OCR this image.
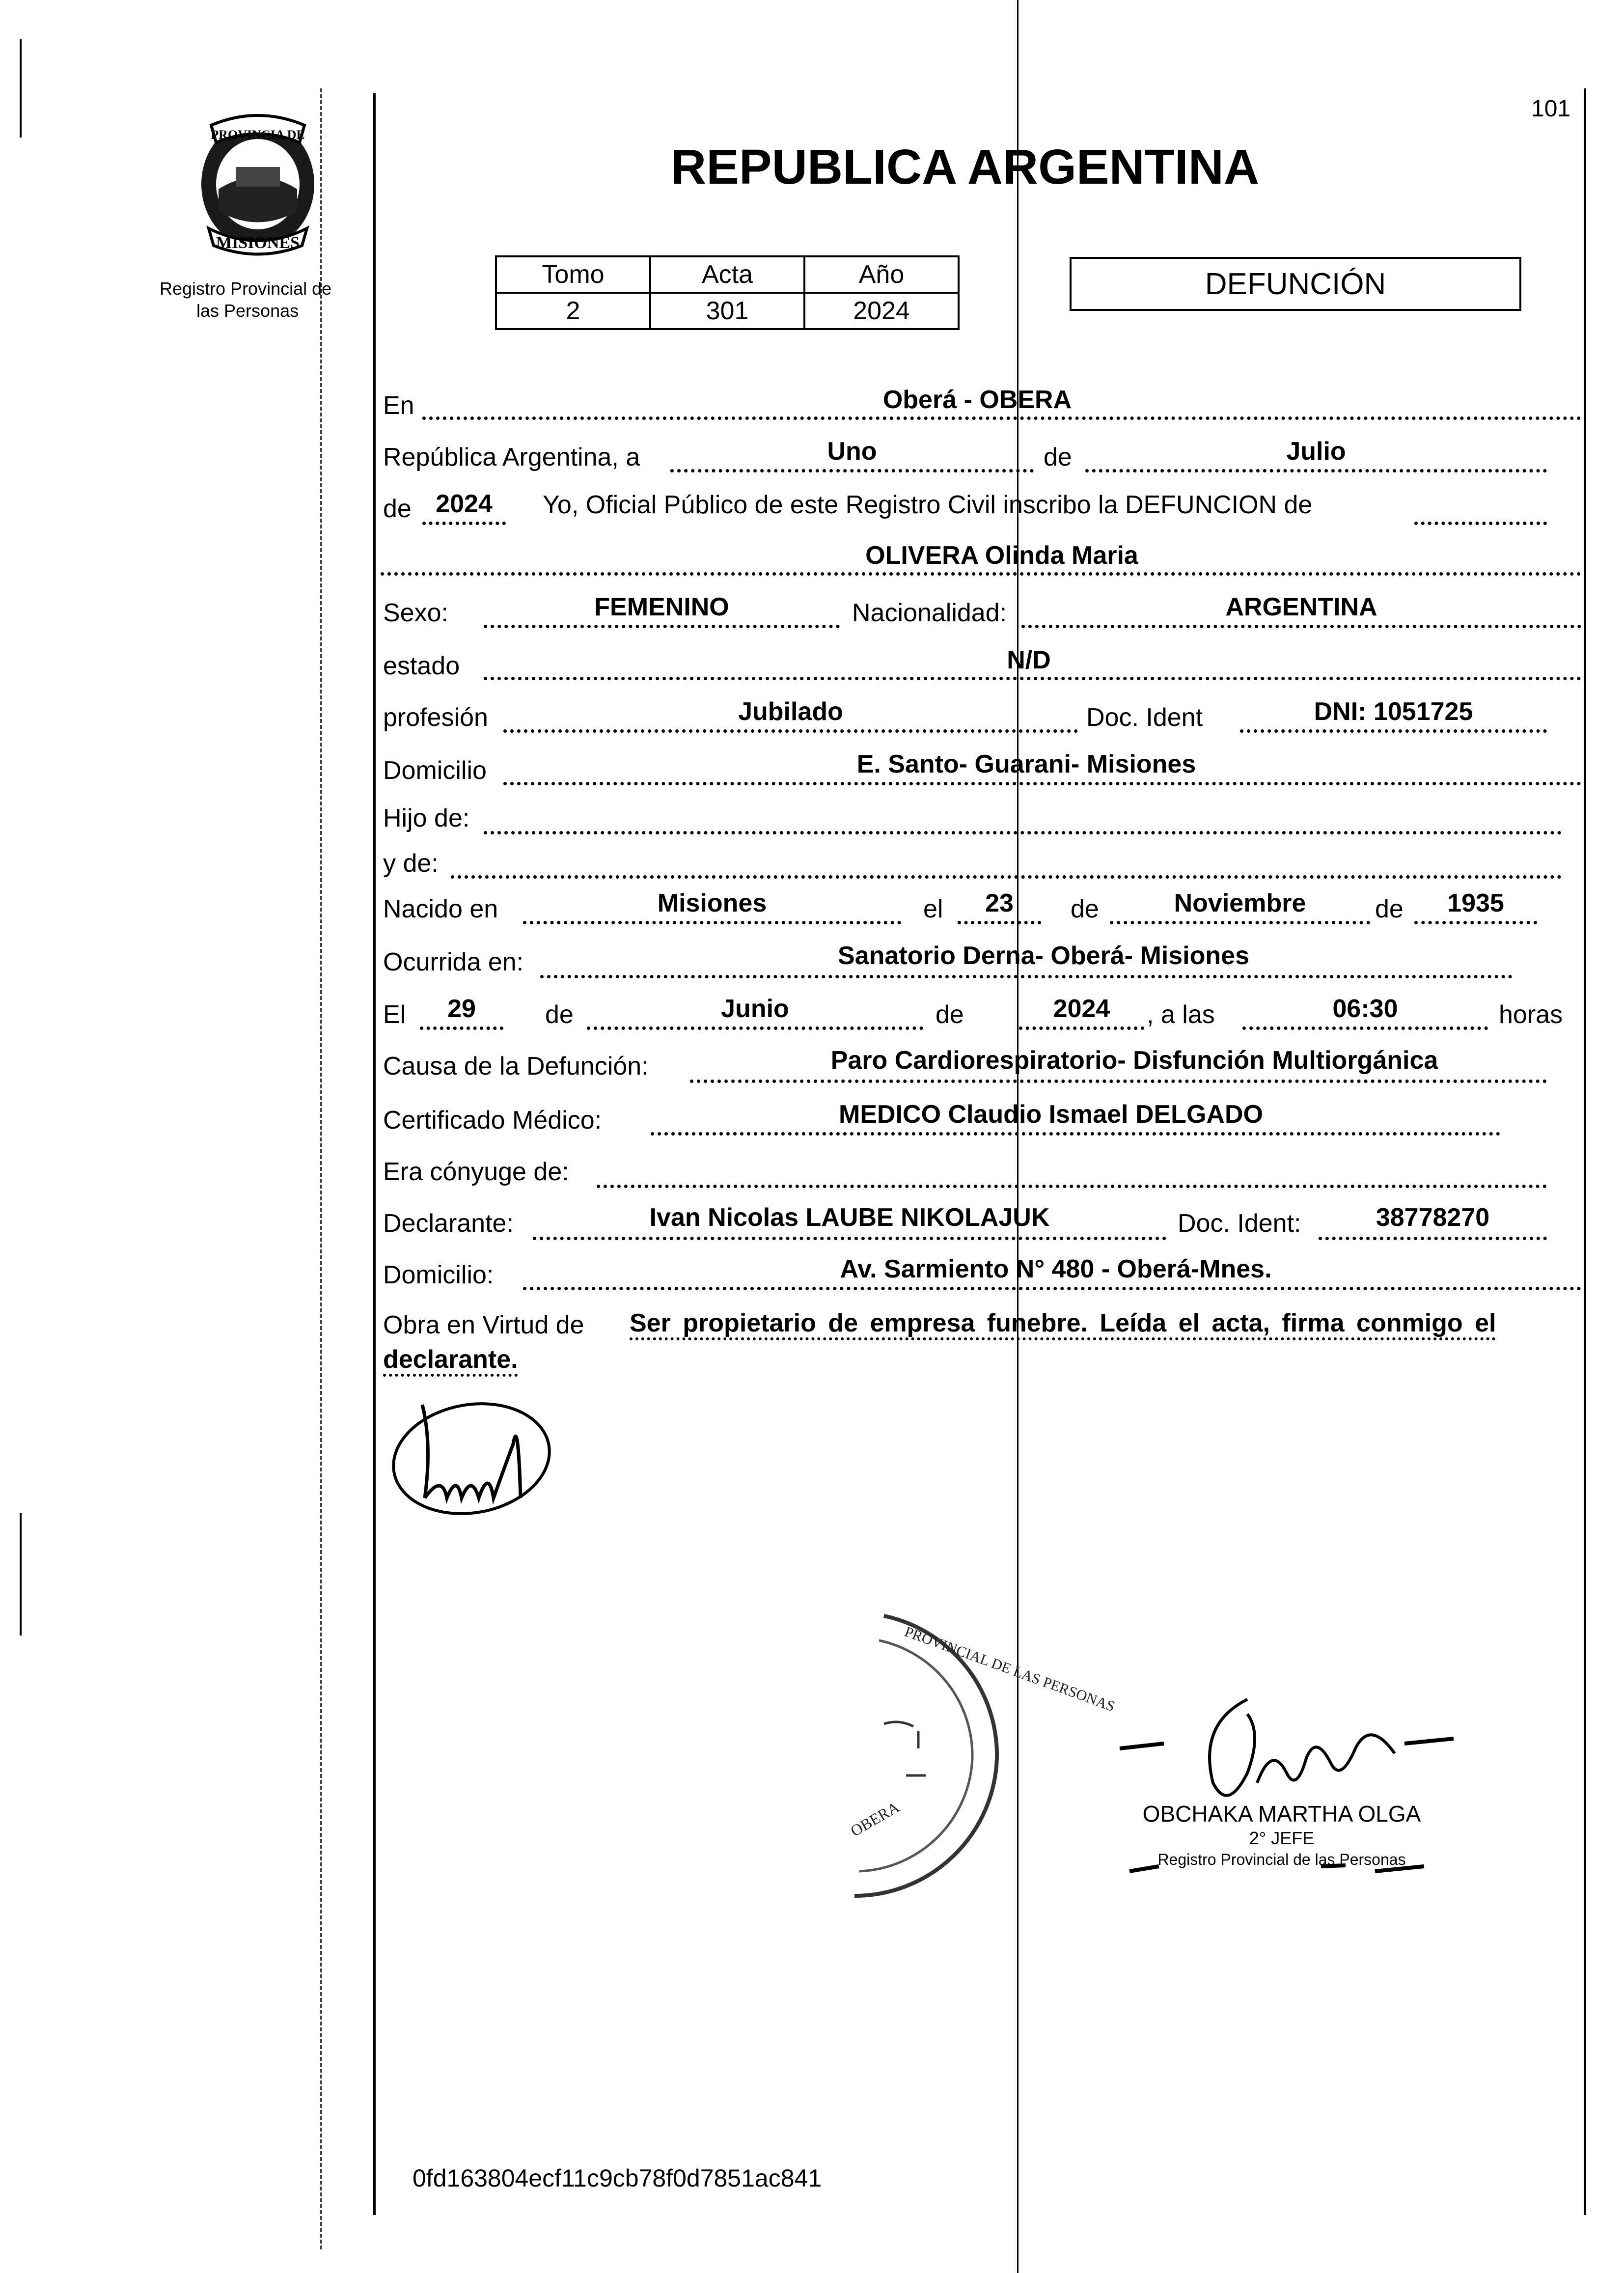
101
PROVINCIA DE
MISIONES
Registro Provincial de
las Personas
REPUBLICA ARGENTINA
Tomo	Acta	Año
2	301	2024
DEFUNCIÓN
En	Oberá - OBERA
República Argentina, a	Uno	de	Julio
de 2024	Yo, Oficial Público de este Registro Civil inscribo la DEFUNCION de
OLIVERA Olinda Maria
Sexo:	FEMENINO	Nacionalidad:	ARGENTINA
estado	N/D
profesión	Jubilado	Doc. Ident	DNI: 1051725
Domicilio	E. Santo- Guarani- Misiones
Hijo de:
y de:
Nacido en	Misiones	el	23	de	Noviembre	de	1935
Ocurrida en:	Sanatorio Derna- Oberá- Misiones
El	29	de	Junio	de	2024	, a las	06:30	horas
Causa de la Defunción:	Paro Cardiorespiratorio- Disfunción Multiorgánica
Certificado Médico:	MEDICO Claudio Ismael DELGADO
Era cónyuge de:
Declarante:	Ivan Nicolas LAUBE NIKOLAJUK	Doc. Ident:	38778270
Domicilio:	Av. Sarmiento N° 480 - Oberá-Mnes.
Obra en Virtud de Ser propietario de empresa funebre. Leída el acta, firma conmigo el
declarante.
PROVINCIAL DE LAS PERSONAS
OBERA	OBCHAKA MARTHA OLGA
2° JEFE
Registro Provincial de las Personas
0fd163804ecf11c9cb78f0d7851ac841
